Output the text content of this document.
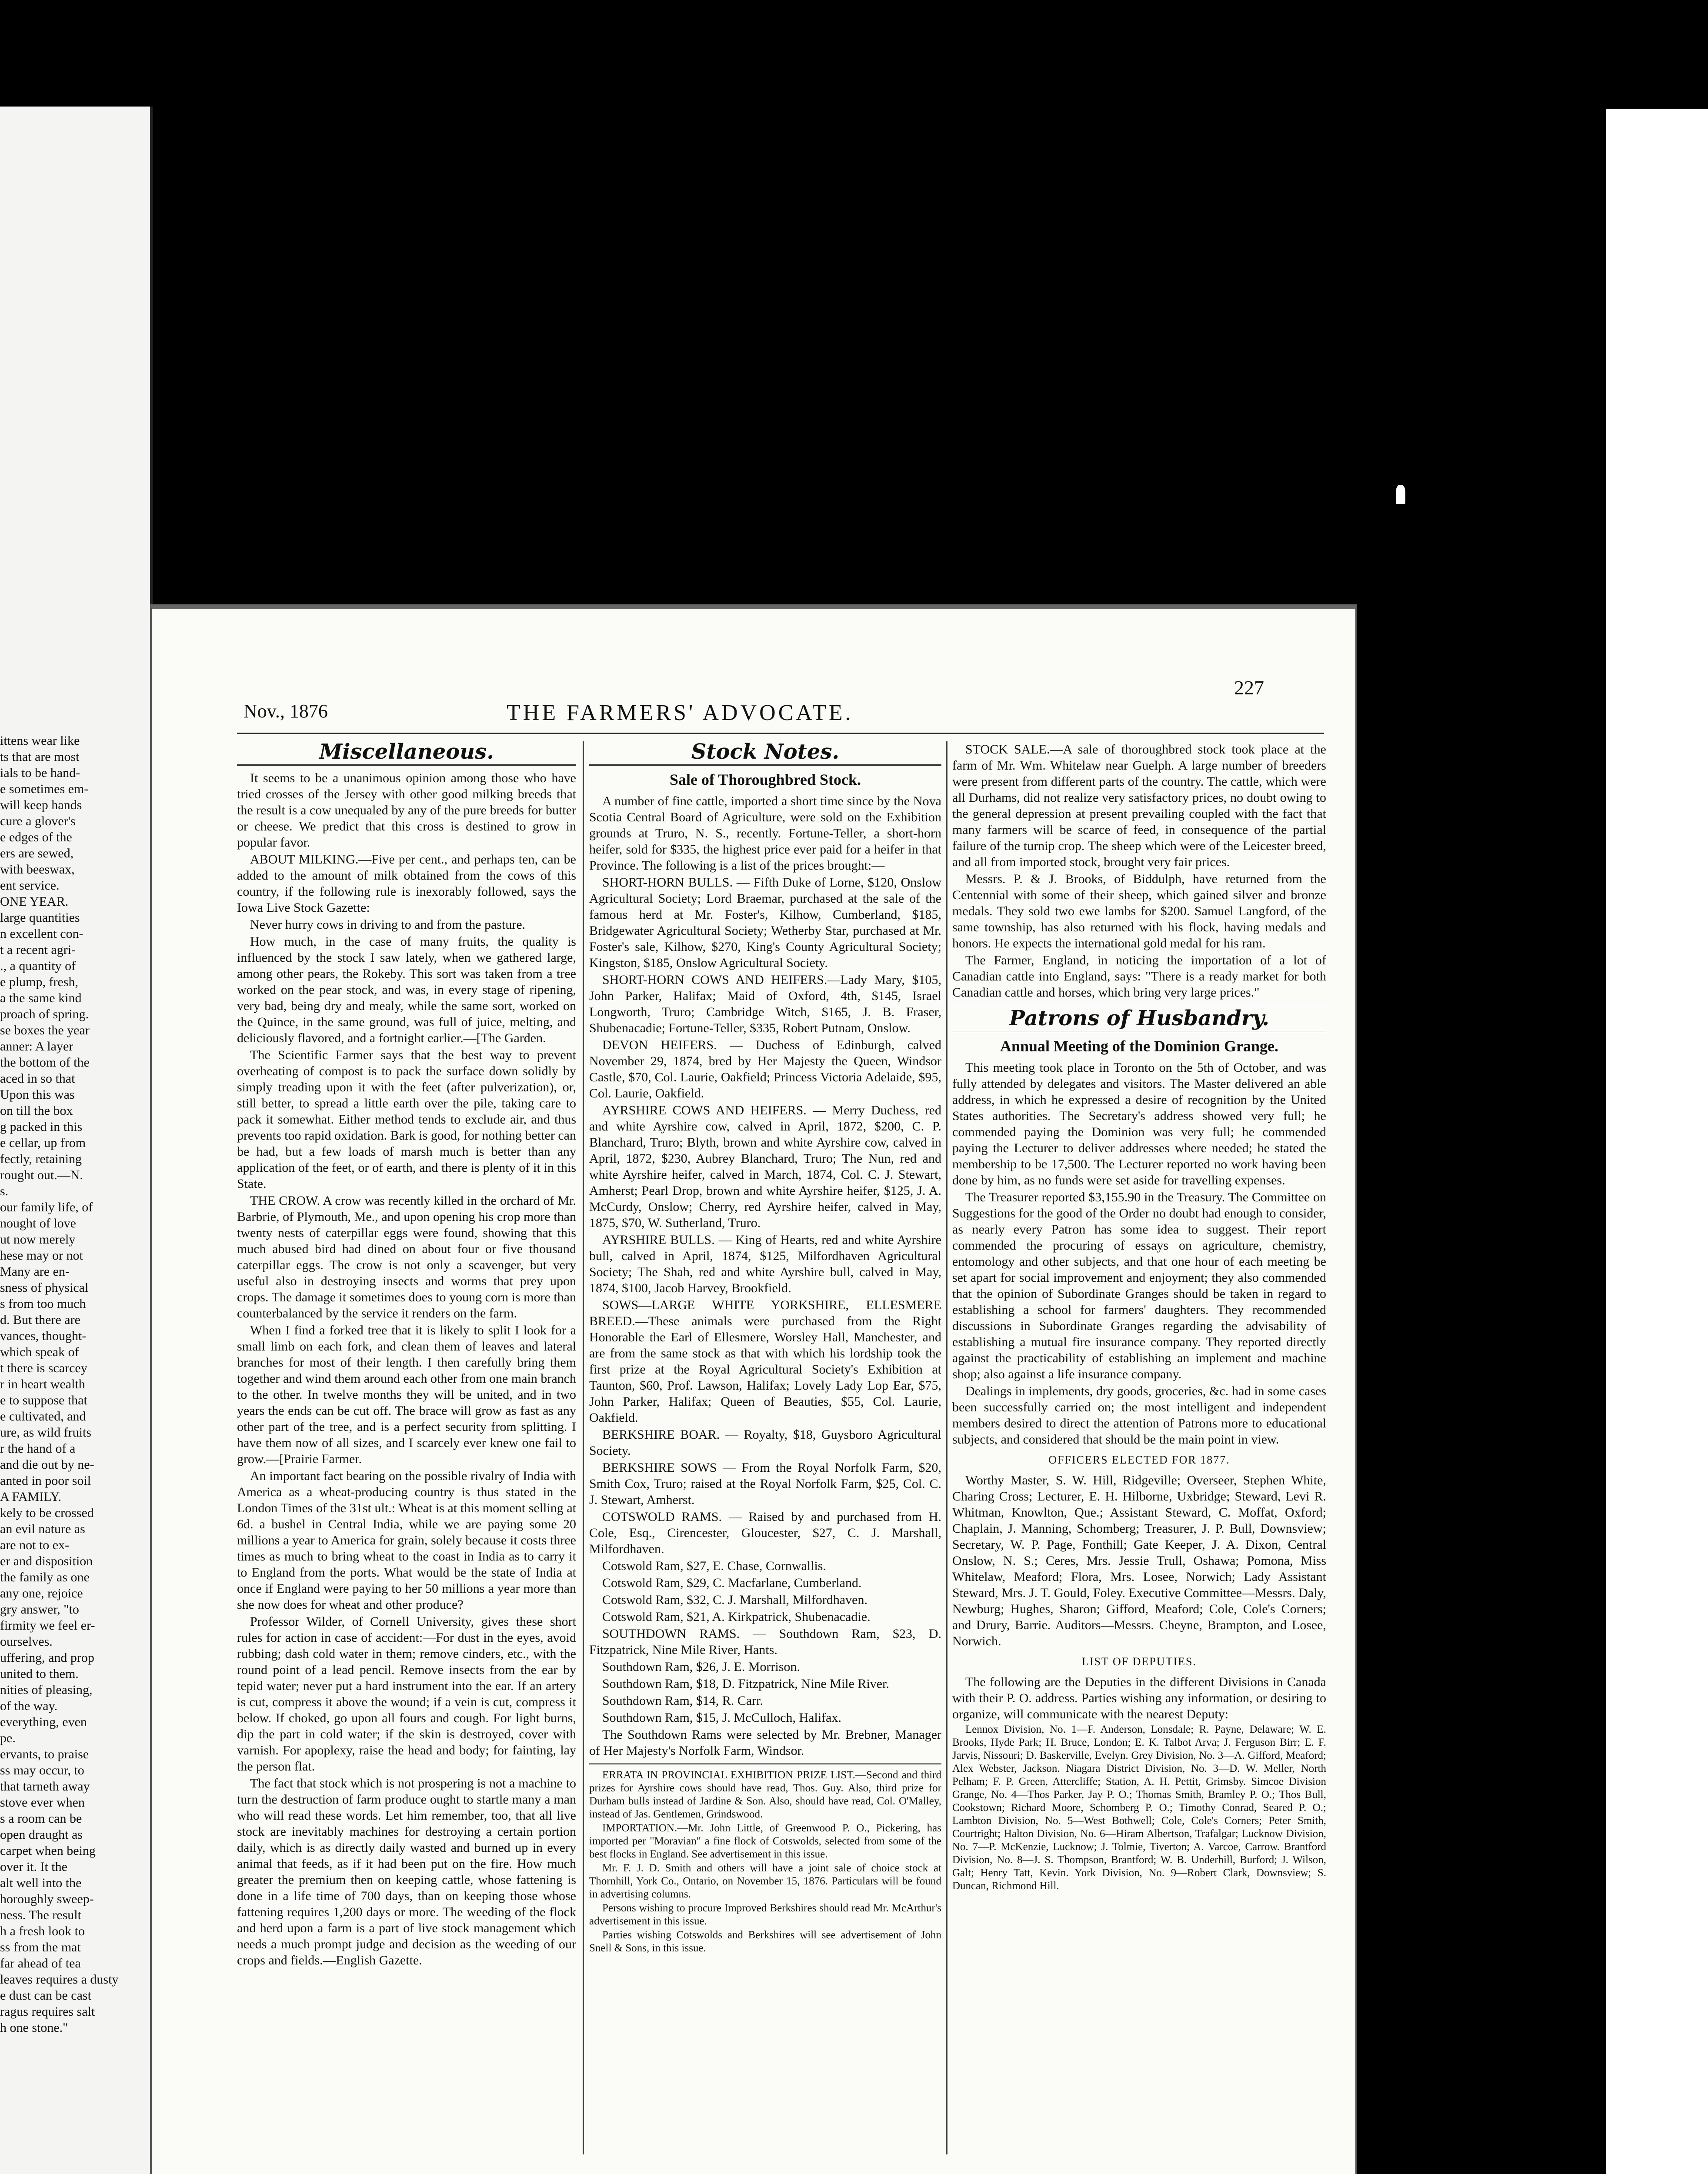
ittens wear like

ts that are most

ials to be hand-

e sometimes em-

will keep hands

cure a glover's

e edges of the

ers are sewed,

with beeswax,

ent service.

ONE YEAR.

large quantities

n excellent con-

t a recent agri-

., a quantity of

e plump, fresh,

a the same kind

proach of spring.

se boxes the year

anner: A layer

the bottom of the

aced in so that

Upon this was

on till the box

g packed in this

e cellar, up from

fectly, retaining

rought out.—N.

s.

our family life, of

nought of love

ut now merely

hese may or not

Many are en-

sness of physical

s from too much

d. But there are

vances, thought-

which speak of

t there is scarcey

r in heart wealth

e to suppose that

e cultivated, and

ure, as wild fruits

r the hand of a

and die out by ne-

anted in poor soil

A FAMILY.

kely to be crossed

an evil nature as

are not to ex-

er and disposition

the family as one

any one, rejoice

gry answer, "to

firmity we feel er-

ourselves.

uffering, and prop

united to them.

nities of pleasing,

of the way.

everything, even

pe.

ervants, to praise

ss may occur, to

that tarneth away

stove ever when

s a room can be

open draught as

carpet when being

over it. It the

alt well into the

horoughly sweep-

ness. The result

h a fresh look to

ss from the mat

far ahead of tea

leaves requires a dusty

e dust can be cast

ragus requires salt

h one stone."

Nov., 1876	THE FARMERS' ADVOCATE.
227
Miscellaneous.

It seems to be a unanimous opinion among those who have tried crosses of the Jersey with other good milking breeds that the result is a cow unequaled by any of the pure breeds for butter or cheese. We predict that this cross is destined to grow in popular favor.

ABOUT MILKING.—Five per cent., and perhaps ten, can be added to the amount of milk obtained from the cows of this country, if the following rule is inexorably followed, says the Iowa Live Stock Gazette:

Never hurry cows in driving to and from the pasture.

How much, in the case of many fruits, the quality is influenced by the stock I saw lately, when we gathered large, among other pears, the Rokeby. This sort was taken from a tree worked on the pear stock, and was, in every stage of ripening, very bad, being dry and mealy, while the same sort, worked on the Quince, in the same ground, was full of juice, melting, and deliciously flavored, and a fortnight earlier.—[The Garden.

The Scientific Farmer says that the best way to prevent overheating of compost is to pack the surface down solidly by simply treading upon it with the feet (after pulverization), or, still better, to spread a little earth over the pile, taking care to pack it somewhat. Either method tends to exclude air, and thus prevents too rapid oxidation. Bark is good, for nothing better can be had, but a few loads of marsh much is better than any application of the feet, or of earth, and there is plenty of it in this State.

THE CROW. A crow was recently killed in the orchard of Mr. Barbrie, of Plymouth, Me., and upon opening his crop more than twenty nests of caterpillar eggs were found, showing that this much abused bird had dined on about four or five thousand caterpillar eggs. The crow is not only a scavenger, but very useful also in destroying insects and worms that prey upon crops. The damage it sometimes does to young corn is more than counterbalanced by the service it renders on the farm.

When I find a forked tree that it is likely to split I look for a small limb on each fork, and clean them of leaves and lateral branches for most of their length. I then carefully bring them together and wind them around each other from one main branch to the other. In twelve months they will be united, and in two years the ends can be cut off. The brace will grow as fast as any other part of the tree, and is a perfect security from splitting. I have them now of all sizes, and I scarcely ever knew one fail to grow.—[Prairie Farmer.

An important fact bearing on the possible rivalry of India with America as a wheat-producing country is thus stated in the London Times of the 31st ult.: Wheat is at this moment selling at 6d. a bushel in Central India, while we are paying some 20 millions a year to America for grain, solely because it costs three times as much to bring wheat to the coast in India as to carry it to England from the ports. What would be the state of India at once if England were paying to her 50 millions a year more than she now does for wheat and other produce?

Professor Wilder, of Cornell University, gives these short rules for action in case of accident:—For dust in the eyes, avoid rubbing; dash cold water in them; remove cinders, etc., with the round point of a lead pencil. Remove insects from the ear by tepid water; never put a hard instrument into the ear. If an artery is cut, compress it above the wound; if a vein is cut, compress it below. If choked, go upon all fours and cough. For light burns, dip the part in cold water; if the skin is destroyed, cover with varnish. For apoplexy, raise the head and body; for fainting, lay the person flat.

The fact that stock which is not prospering is not a machine to turn the destruction of farm produce ought to startle many a man who will read these words. Let him remember, too, that all live stock are inevitably machines for destroying a certain portion daily, which is as directly daily wasted and burned up in every animal that feeds, as if it had been put on the fire. How much greater the premium then on keeping cattle, whose fattening is done in a life time of 700 days, than on keeping those whose fattening requires 1,200 days or more. The weeding of the flock and herd upon a farm is a part of live stock management which needs a much prompt judge and decision as the weeding of our crops and fields.—English Gazette.

Stock Notes.
Sale of Thoroughbred Stock.

A number of fine cattle, imported a short time since by the Nova Scotia Central Board of Agriculture, were sold on the Exhibition grounds at Truro, N. S., recently. Fortune-Teller, a short-horn heifer, sold for $335, the highest price ever paid for a heifer in that Province. The following is a list of the prices brought:—

SHORT-HORN BULLS. — Fifth Duke of Lorne, $120, Onslow Agricultural Society; Lord Braemar, purchased at the sale of the famous herd at Mr. Foster's, Kilhow, Cumberland, $185, Bridgewater Agricultural Society; Wetherby Star, purchased at Mr. Foster's sale, Kilhow, $270, King's County Agricultural Society; Kingston, $185, Onslow Agricultural Society.

SHORT-HORN COWS AND HEIFERS.—Lady Mary, $105, John Parker, Halifax; Maid of Oxford, 4th, $145, Israel Longworth, Truro; Cambridge Witch, $165, J. B. Fraser, Shubenacadie; Fortune-Teller, $335, Robert Putnam, Onslow.

DEVON HEIFERS. — Duchess of Edinburgh, calved November 29, 1874, bred by Her Majesty the Queen, Windsor Castle, $70, Col. Laurie, Oakfield; Princess Victoria Adelaide, $95, Col. Laurie, Oakfield.

AYRSHIRE COWS AND HEIFERS. — Merry Duchess, red and white Ayrshire cow, calved in April, 1872, $200, C. P. Blanchard, Truro; Blyth, brown and white Ayrshire cow, calved in April, 1872, $230, Aubrey Blanchard, Truro; The Nun, red and white Ayrshire heifer, calved in March, 1874, Col. C. J. Stewart, Amherst; Pearl Drop, brown and white Ayrshire heifer, $125, J. A. McCurdy, Onslow; Cherry, red Ayrshire heifer, calved in May, 1875, $70, W. Sutherland, Truro.

AYRSHIRE BULLS. — King of Hearts, red and white Ayrshire bull, calved in April, 1874, $125, Milfordhaven Agricultural Society; The Shah, red and white Ayrshire bull, calved in May, 1874, $100, Jacob Harvey, Brookfield.

SOWS—LARGE WHITE YORKSHIRE, ELLESMERE BREED.—These animals were purchased from the Right Honorable the Earl of Ellesmere, Worsley Hall, Manchester, and are from the same stock as that with which his lordship took the first prize at the Royal Agricultural Society's Exhibition at Taunton, $60, Prof. Lawson, Halifax; Lovely Lady Lop Ear, $75, John Parker, Halifax; Queen of Beauties, $55, Col. Laurie, Oakfield.

BERKSHIRE BOAR. — Royalty, $18, Guysboro Agricultural Society.

BERKSHIRE SOWS — From the Royal Norfolk Farm, $20, Smith Cox, Truro; raised at the Royal Norfolk Farm, $25, Col. C. J. Stewart, Amherst.

COTSWOLD RAMS. — Raised by and purchased from H. Cole, Esq., Cirencester, Gloucester, $27, C. J. Marshall, Milfordhaven.

Cotswold Ram, $27, E. Chase, Cornwallis.

Cotswold Ram, $29, C. Macfarlane, Cumberland.

Cotswold Ram, $32, C. J. Marshall, Milfordhaven.

Cotswold Ram, $21, A. Kirkpatrick, Shubenacadie.

SOUTHDOWN RAMS. — Southdown Ram, $23, D. Fitzpatrick, Nine Mile River, Hants.

Southdown Ram, $26, J. E. Morrison.

Southdown Ram, $18, D. Fitzpatrick, Nine Mile River.

Southdown Ram, $14, R. Carr.

Southdown Ram, $15, J. McCulloch, Halifax.

The Southdown Rams were selected by Mr. Brebner, Manager of Her Majesty's Norfolk Farm, Windsor.

ERRATA IN PROVINCIAL EXHIBITION PRIZE LIST.—Second and third prizes for Ayrshire cows should have read, Thos. Guy. Also, third prize for Durham bulls instead of Jardine & Son. Also, should have read, Col. O'Malley, instead of Jas. Gentlemen, Grindswood.

IMPORTATION.—Mr. John Little, of Greenwood P. O., Pickering, has imported per "Moravian" a fine flock of Cotswolds, selected from some of the best flocks in England. See advertisement in this issue.

Mr. F. J. D. Smith and others will have a joint sale of choice stock at Thornhill, York Co., Ontario, on November 15, 1876. Particulars will be found in advertising columns.

Persons wishing to procure Improved Berkshires should read Mr. McArthur's advertisement in this issue.

Parties wishing Cotswolds and Berkshires will see advertisement of John Snell & Sons, in this issue.

STOCK SALE.—A sale of thoroughbred stock took place at the farm of Mr. Wm. Whitelaw near Guelph. A large number of breeders were present from different parts of the country. The cattle, which were all Durhams, did not realize very satisfactory prices, no doubt owing to the general depression at present prevailing coupled with the fact that many farmers will be scarce of feed, in consequence of the partial failure of the turnip crop. The sheep which were of the Leicester breed, and all from imported stock, brought very fair prices.

Messrs. P. & J. Brooks, of Biddulph, have returned from the Centennial with some of their sheep, which gained silver and bronze medals. They sold two ewe lambs for $200. Samuel Langford, of the same township, has also returned with his flock, having medals and honors. He expects the international gold medal for his ram.

The Farmer, England, in noticing the importation of a lot of Canadian cattle into England, says: "There is a ready market for both Canadian cattle and horses, which bring very large prices."

Patrons of Husbandry.
Annual Meeting of the Dominion Grange.

This meeting took place in Toronto on the 5th of October, and was fully attended by delegates and visitors. The Master delivered an able address, in which he expressed a desire of recognition by the United States authorities. The Secretary's address showed very full; he commended paying the Dominion was very full; he commended paying the Lecturer to deliver addresses where needed; he stated the membership to be 17,500. The Lecturer reported no work having been done by him, as no funds were set aside for travelling expenses.

The Treasurer reported $3,155.90 in the Treasury. The Committee on Suggestions for the good of the Order no doubt had enough to consider, as nearly every Patron has some idea to suggest. Their report commended the procuring of essays on agriculture, chemistry, entomology and other subjects, and that one hour of each meeting be set apart for social improvement and enjoyment; they also commended that the opinion of Subordinate Granges should be taken in regard to establishing a school for farmers' daughters. They recommended discussions in Subordinate Granges regarding the advisability of establishing a mutual fire insurance company. They reported directly against the practicability of establishing an implement and machine shop; also against a life insurance company.

Dealings in implements, dry goods, groceries, &c. had in some cases been successfully carried on; the most intelligent and independent members desired to direct the attention of Patrons more to educational subjects, and considered that should be the main point in view.

OFFICERS ELECTED FOR 1877.

Worthy Master, S. W. Hill, Ridgeville; Overseer, Stephen White, Charing Cross; Lecturer, E. H. Hilborne, Uxbridge; Steward, Levi R. Whitman, Knowlton, Que.; Assistant Steward, C. Moffat, Oxford; Chaplain, J. Manning, Schomberg; Treasurer, J. P. Bull, Downsview; Secretary, W. P. Page, Fonthill; Gate Keeper, J. A. Dixon, Central Onslow, N. S.; Ceres, Mrs. Jessie Trull, Oshawa; Pomona, Miss Whitelaw, Meaford; Flora, Mrs. Losee, Norwich; Lady Assistant Steward, Mrs. J. T. Gould, Foley. Executive Committee—Messrs. Daly, Newburg; Hughes, Sharon; Gifford, Meaford; Cole, Cole's Corners; and Drury, Barrie. Auditors—Messrs. Cheyne, Brampton, and Losee, Norwich.

LIST OF DEPUTIES.

The following are the Deputies in the different Divisions in Canada with their P. O. address. Parties wishing any information, or desiring to organize, will communicate with the nearest Deputy:

Lennox Division, No. 1—F. Anderson, Lonsdale; R. Payne, Delaware; W. E. Brooks, Hyde Park; H. Bruce, London; E. K. Talbot Arva; J. Ferguson Birr; E. F. Jarvis, Nissouri; D. Baskerville, Evelyn. Grey Division, No. 3—A. Gifford, Meaford; Alex Webster, Jackson. Niagara District Division, No. 3—D. W. Meller, North Pelham; F. P. Green, Attercliffe; Station, A. H. Pettit, Grimsby. Simcoe Division Grange, No. 4—Thos Parker, Jay P. O.; Thomas Smith, Bramley P. O.; Thos Bull, Cookstown; Richard Moore, Schomberg P. O.; Timothy Conrad, Seared P. O.; Lambton Division, No. 5—West Bothwell; Cole, Cole's Corners; Peter Smith, Courtright; Halton Division, No. 6—Hiram Albertson, Trafalgar; Lucknow Division, No. 7—P. McKenzie, Lucknow; J. Tolmie, Tiverton; A. Varcoe, Carrow. Brantford Division, No. 8—J. S. Thompson, Brantford; W. B. Underhill, Burford; J. Wilson, Galt; Henry Tatt, Kevin. York Division, No. 9—Robert Clark, Downsview; S. Duncan, Richmond Hill.
